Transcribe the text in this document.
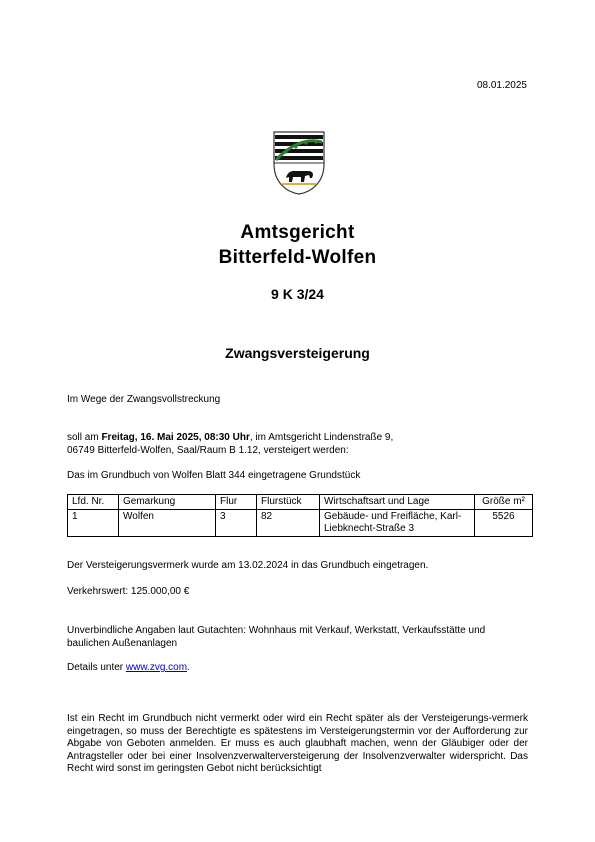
08.01.2025
Amtsgericht
Bitterfeld-Wolfen
9 K 3/24
Zwangsversteigerung
Im Wege der Zwangsvollstreckung
soll am Freitag, 16. Mai 2025, 08:30 Uhr, im Amtsgericht Lindenstraße 9,
06749 Bitterfeld-Wolfen, Saal/Raum B 1.12, versteigert werden:
Das im Grundbuch von Wolfen Blatt 344 eingetragene Grundstück
Lfd. Nr.	Gemarkung	Flur	Flurstück	Wirtschaftsart und Lage	Größe m²
1	Wolfen	3	82	Gebäude- und Freifläche, Karl-Liebknecht-Straße 3	5526
Der Versteigerungsvermerk wurde am 13.02.2024 in das Grundbuch eingetragen.
Verkehrswert: 125.000,00 €
Unverbindliche Angaben laut Gutachten: Wohnhaus mit Verkauf, Werkstatt, Verkaufsstätte und baulichen Außenanlagen
Details unter www.zvg.com.
Ist ein Recht im Grundbuch nicht vermerkt oder wird ein Recht später als der Versteigerungs-vermerk eingetragen, so muss der Berechtigte es spätestens im Versteigerungstermin vor der Aufforderung zur Abgabe von Geboten anmelden. Er muss es auch glaubhaft machen, wenn der Gläubiger oder der Antragsteller oder bei einer Insolvenzverwalterversteigerung der Insolvenzverwalter widerspricht. Das Recht wird sonst im geringsten Gebot nicht berücksichtigt
